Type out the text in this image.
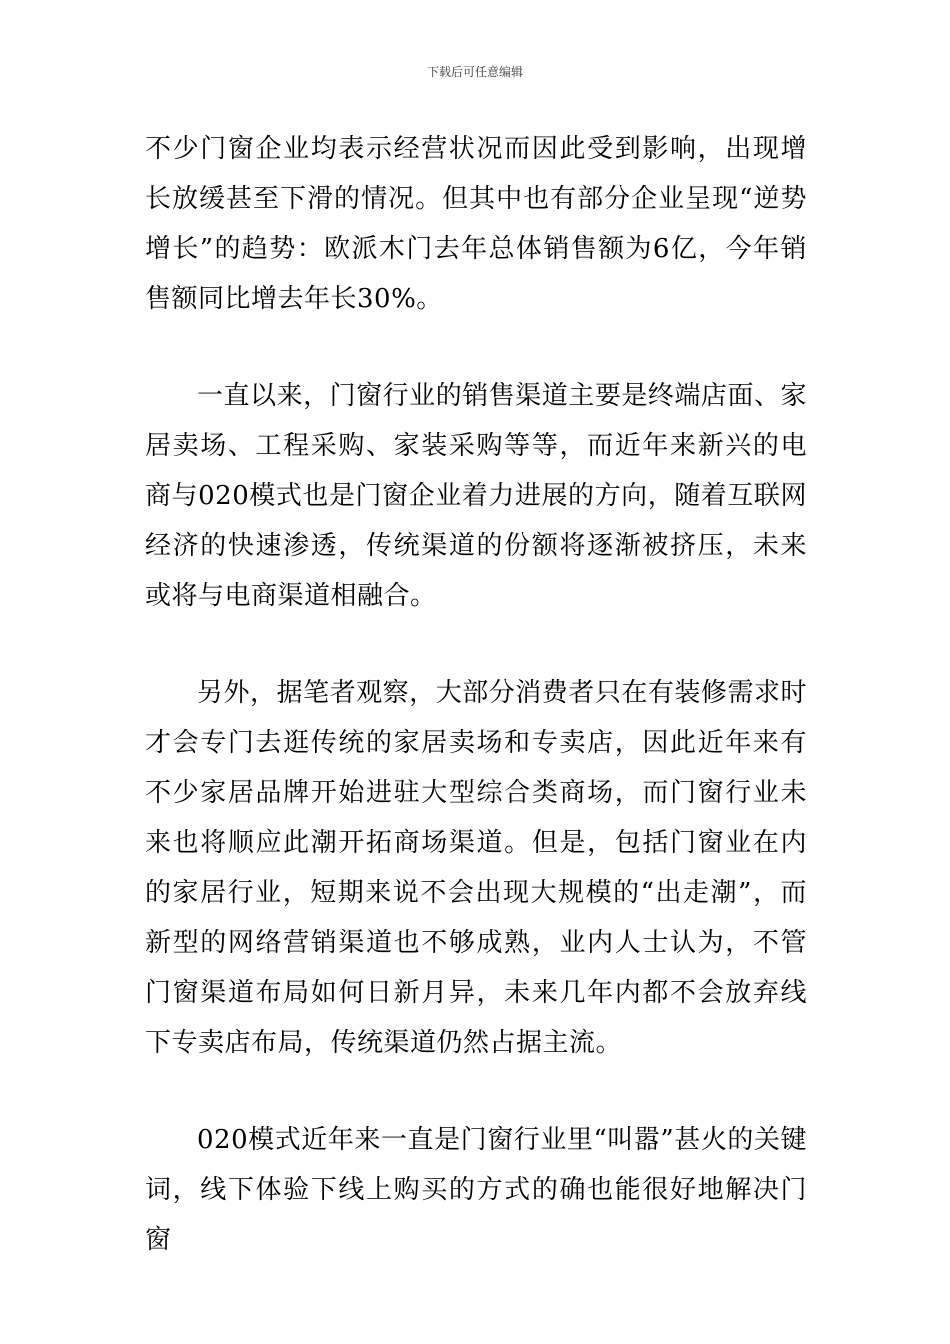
下载后可任意编辑

不少门窗企业均表示经营状况而因此受到影响，出现增长放缓甚至下滑的情况。但其中也有部分企业呈现“逆势增长”的趋势：欧派木门去年总体销售额为6亿，今年销售额同比增去年长30%。

一直以来，门窗行业的销售渠道主要是终端店面、家居卖场、工程采购、家装采购等等，而近年来新兴的电商与020模式也是门窗企业着力进展的方向，随着互联网经济的快速渗透，传统渠道的份额将逐渐被挤压，未来或将与电商渠道相融合。

另外，据笔者观察，大部分消费者只在有装修需求时才会专门去逛传统的家居卖场和专卖店，因此近年来有不少家居品牌开始进驻大型综合类商场，而门窗行业未来也将顺应此潮开拓商场渠道。但是，包括门窗业在内的家居行业，短期来说不会出现大规模的“出走潮”，而新型的网络营销渠道也不够成熟，业内人士认为，不管门窗渠道布局如何日新月异，未来几年内都不会放弃线下专卖店布局，传统渠道仍然占据主流。

020模式近年来一直是门窗行业里“叫嚣”甚火的关键词，线下体验下线上购买的方式的确也能很好地解决门窗
